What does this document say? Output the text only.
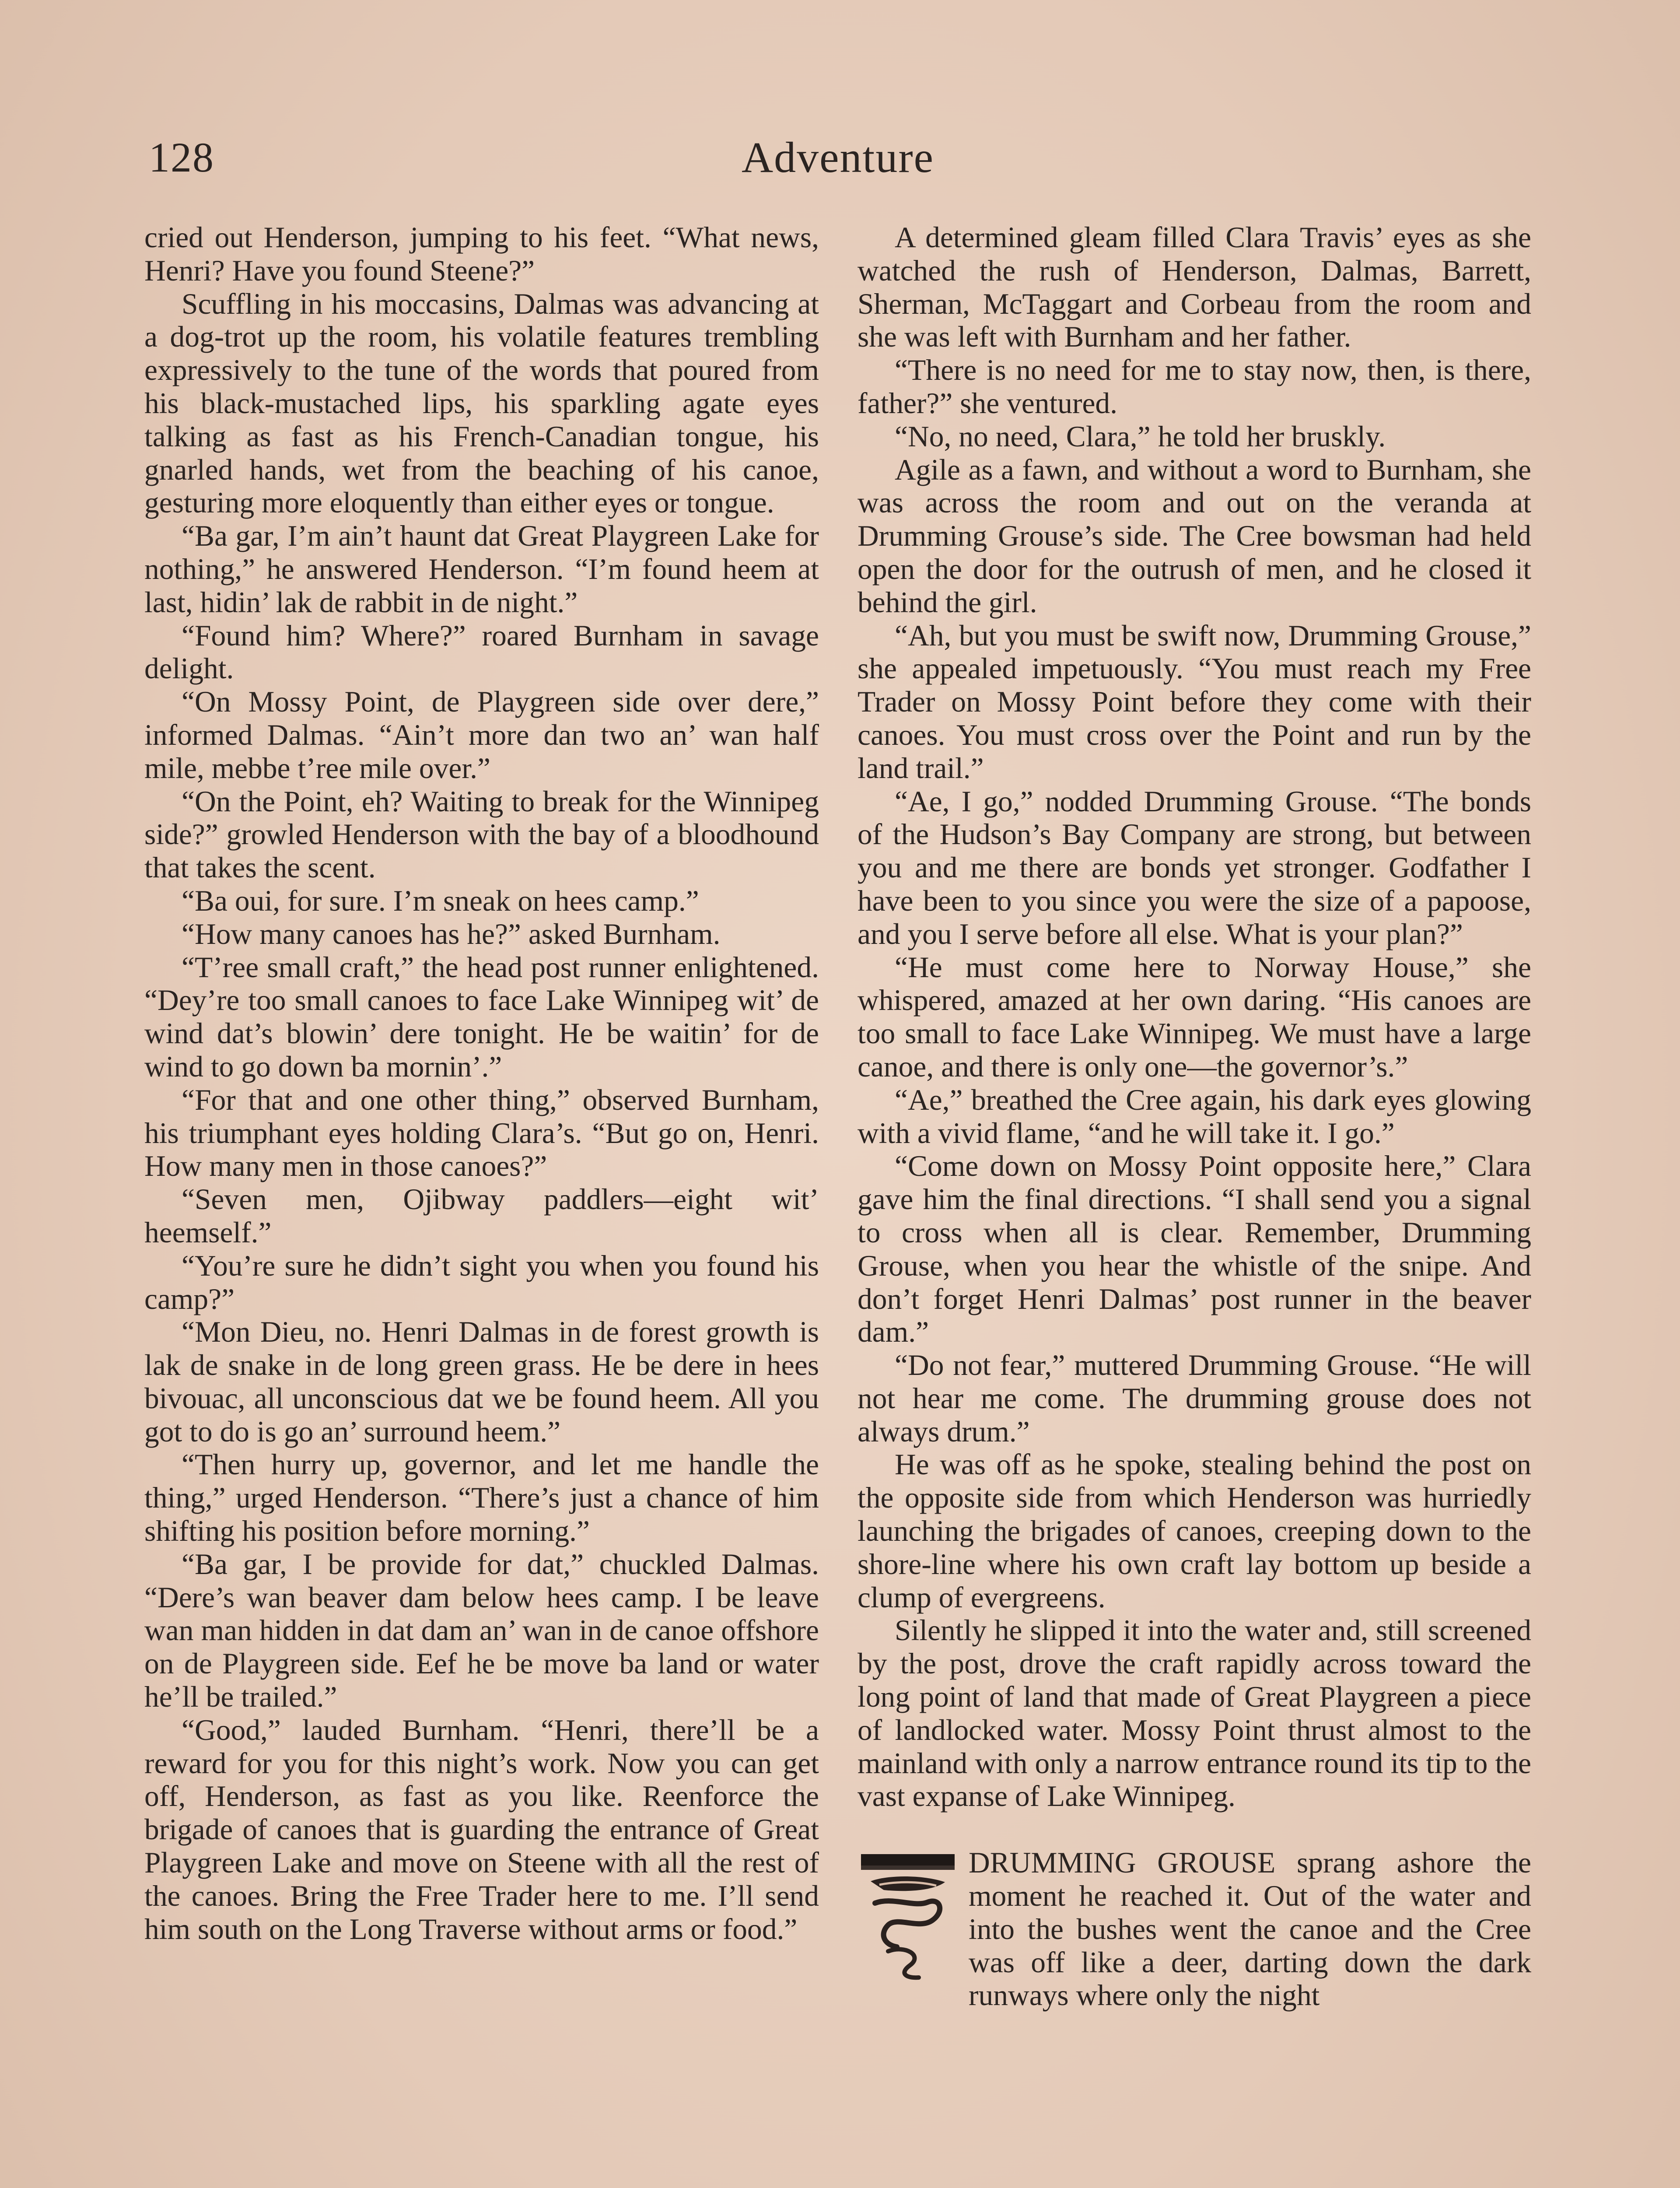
128	Adventure

cried out Henderson, jumping to his feet. “What news, Henri? Have you found Steene?”

Scuffling in his moccasins, Dalmas was advancing at a dog-trot up the room, his volatile features trembling expressively to the tune of the words that poured from his black-mustached lips, his sparkling agate eyes talking as fast as his French-Canadian tongue, his gnarled hands, wet from the beaching of his canoe, gesturing more eloquently than either eyes or tongue.

“Ba gar, I’m ain’t haunt dat Great Playgreen Lake for nothing,” he answered Henderson. “I’m found heem at last, hidin’ lak de rabbit in de night.”

“Found him? Where?” roared Burnham in savage delight.

“On Mossy Point, de Playgreen side over dere,” informed Dalmas. “Ain’t more dan two an’ wan half mile, mebbe t’ree mile over.”

“On the Point, eh? Waiting to break for the Winnipeg side?” growled Henderson with the bay of a bloodhound that takes the scent.

“Ba oui, for sure. I’m sneak on hees camp.”

“How many canoes has he?” asked Burnham.

“T’ree small craft,” the head post runner enlightened. “Dey’re too small canoes to face Lake Winnipeg wit’ de wind dat’s blowin’ dere tonight. He be waitin’ for de wind to go down ba mornin’.”

“For that and one other thing,” observed Burnham, his triumphant eyes holding Clara’s. “But go on, Henri. How many men in those canoes?”

“Seven men, Ojibway paddlers—eight wit’ heemself.”

“You’re sure he didn’t sight you when you found his camp?”

“Mon Dieu, no. Henri Dalmas in de forest growth is lak de snake in de long green grass. He be dere in hees bivouac, all unconscious dat we be found heem. All you got to do is go an’ surround heem.”

“Then hurry up, governor, and let me handle the thing,” urged Henderson. “There’s just a chance of him shifting his position before morning.”

“Ba gar, I be provide for dat,” chuckled Dalmas. “Dere’s wan beaver dam below hees camp. I be leave wan man hidden in dat dam an’ wan in de canoe offshore on de Playgreen side. Eef he be move ba land or water he’ll be trailed.”

“Good,” lauded Burnham. “Henri, there’ll be a reward for you for this night’s work. Now you can get off, Henderson, as fast as you like. Reenforce the brigade of canoes that is guarding the entrance of Great Playgreen Lake and move on Steene with all the rest of the canoes. Bring the Free Trader here to me. I’ll send him south on the Long Traverse without arms or food.”

A determined gleam filled Clara Travis’ eyes as she watched the rush of Henderson, Dalmas, Barrett, Sherman, McTaggart and Corbeau from the room and she was left with Burnham and her father.

“There is no need for me to stay now, then, is there, father?” she ventured.

“No, no need, Clara,” he told her bruskly.

Agile as a fawn, and without a word to Burnham, she was across the room and out on the veranda at Drumming Grouse’s side. The Cree bowsman had held open the door for the outrush of men, and he closed it behind the girl.

“Ah, but you must be swift now, Drumming Grouse,” she appealed impetuously. “You must reach my Free Trader on Mossy Point before they come with their canoes. You must cross over the Point and run by the land trail.”

“Ae, I go,” nodded Drumming Grouse. “The bonds of the Hudson’s Bay Company are strong, but between you and me there are bonds yet stronger. Godfather I have been to you since you were the size of a papoose, and you I serve before all else. What is your plan?”

“He must come here to Norway House,” she whispered, amazed at her own daring. “His canoes are too small to face Lake Winnipeg. We must have a large canoe, and there is only one—the governor’s.”

“Ae,” breathed the Cree again, his dark eyes glowing with a vivid flame, “and he will take it. I go.”

“Come down on Mossy Point opposite here,” Clara gave him the final directions. “I shall send you a signal to cross when all is clear. Remember, Drumming Grouse, when you hear the whistle of the snipe. And don’t forget Henri Dalmas’ post runner in the beaver dam.”

“Do not fear,” muttered Drumming Grouse. “He will not hear me come. The drumming grouse does not always drum.”

He was off as he spoke, stealing behind the post on the opposite side from which Henderson was hurriedly launching the brigades of canoes, creeping down to the shore-line where his own craft lay bottom up beside a clump of evergreens.

Silently he slipped it into the water and, still screened by the post, drove the craft rapidly across toward the long point of land that made of Great Playgreen a piece of landlocked water. Mossy Point thrust almost to the mainland with only a narrow entrance round its tip to the vast expanse of Lake Winnipeg.

DRUMMING GROUSE sprang ashore the moment he reached it. Out of the water and into the bushes went the canoe and the Cree was off like a deer, darting down the dark runways where only the night
